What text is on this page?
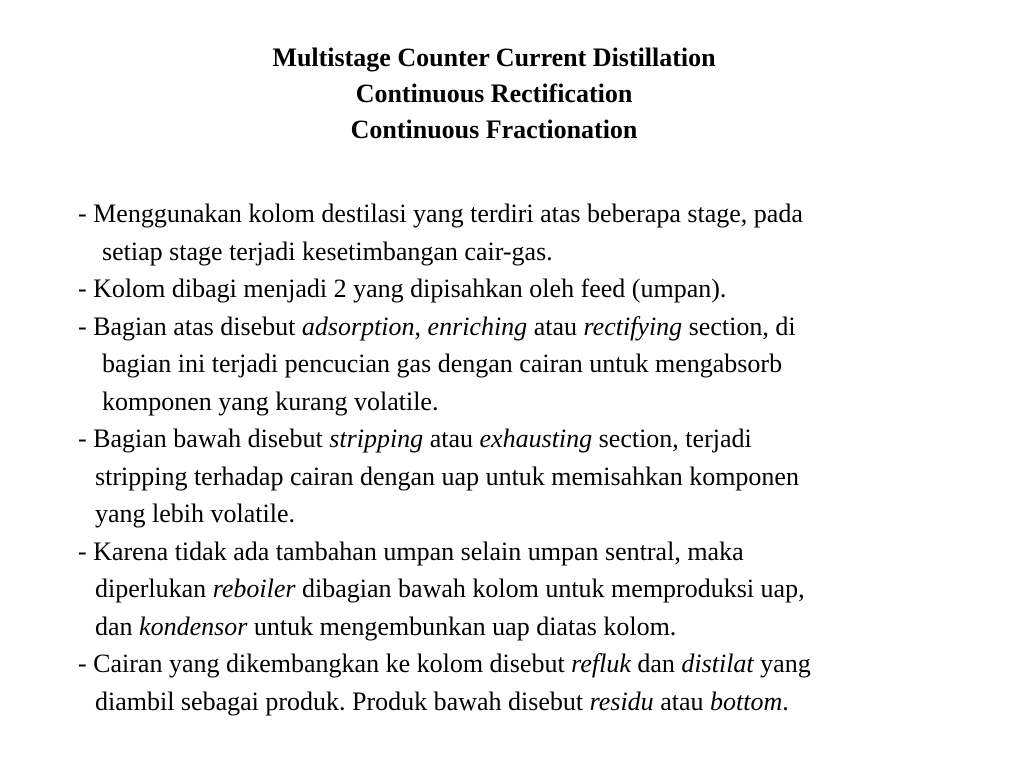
Multistage Counter Current Distillation
Continuous Rectification
Continuous Fractionation
- Menggunakan kolom destilasi yang terdiri atas beberapa stage, pada
setiap stage terjadi kesetimbangan cair-gas.
- Kolom dibagi menjadi 2 yang dipisahkan oleh feed (umpan).
- Bagian atas disebut adsorption, enriching atau rectifying section, di
bagian ini terjadi pencucian gas dengan cairan untuk mengabsorb
komponen yang kurang volatile.
- Bagian bawah disebut stripping atau exhausting section, terjadi
stripping terhadap cairan dengan uap untuk memisahkan komponen
yang lebih volatile.
- Karena tidak ada tambahan umpan selain umpan sentral, maka
diperlukan reboiler dibagian bawah kolom untuk memproduksi uap,
dan kondensor untuk mengembunkan uap diatas kolom.
- Cairan yang dikembangkan ke kolom disebut refluk dan distilat yang
diambil sebagai produk. Produk bawah disebut residu atau bottom.
